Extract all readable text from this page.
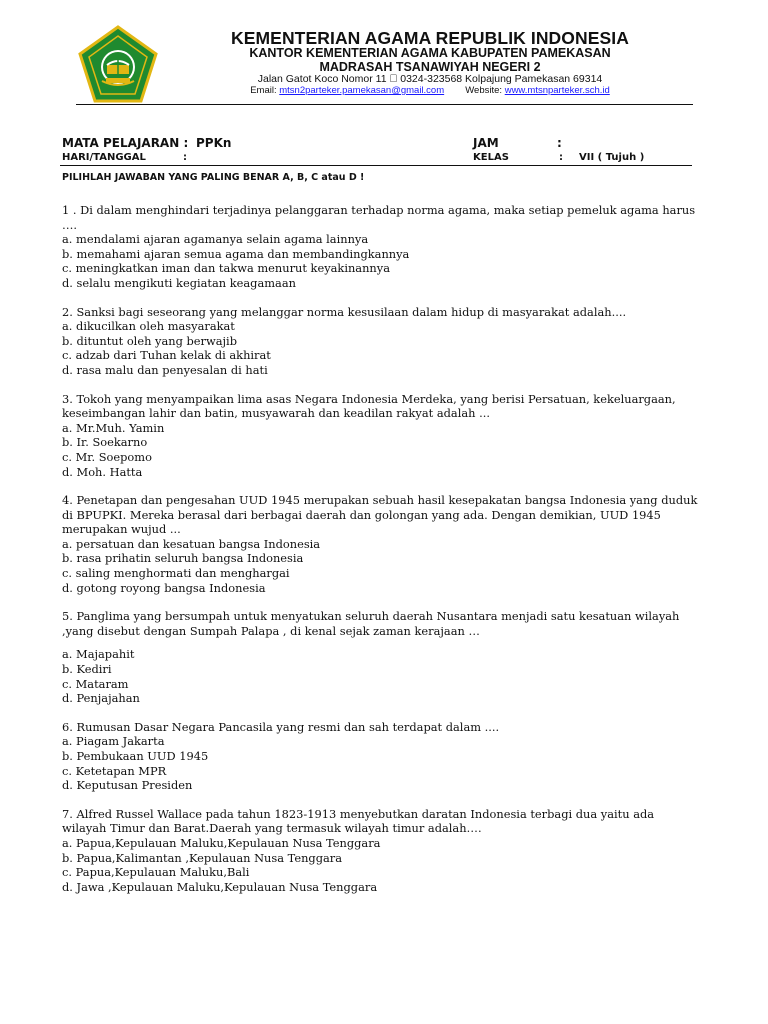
KEMENTERIAN AGAMA REPUBLIK INDONESIA
KANTOR KEMENTERIAN AGAMA KABUPATEN PAMEKASAN
MADRASAH TSANAWIYAH NEGERI 2
Jalan Gatot Koco Nomor 11   0324-323568 Kolpajung Pamekasan 69314
Email: mtsn2parteker.pamekasan@gmail.com Website: www.mtsnparteker.sch.id
MATA PELAJARAN : PPKn	JAM	:
HARI/TANGGAL	:	KELAS	: VII ( Tujuh )
PILIHLAH JAWABAN YANG PALING BENAR A, B, C atau D !

1 . Di dalam menghindari terjadinya pelanggaran terhadap norma agama, maka setiap pemeluk agama harus ….

a. mendalami ajaran agamanya selain agama lainnya

b. memahami ajaran semua agama dan membandingkannya

c. meningkatkan iman dan takwa menurut keyakinannya

d. selalu mengikuti kegiatan keagamaan

2. Sanksi bagi seseorang yang melanggar norma kesusilaan dalam hidup di masyarakat adalah....

a. dikucilkan oleh masyarakat

b. dituntut oleh yang berwajib

c. adzab dari Tuhan kelak di akhirat

d. rasa malu dan penyesalan di hati

3. Tokoh yang menyampaikan lima asas Negara Indonesia Merdeka, yang berisi Persatuan, kekeluargaan, keseimbangan lahir dan batin, musyawarah dan keadilan rakyat adalah ...

a. Mr.Muh. Yamin

b. Ir. Soekarno

c. Mr. Soepomo

d. Moh. Hatta

4. Penetapan dan pengesahan UUD 1945 merupakan sebuah hasil kesepakatan bangsa Indonesia yang duduk di BPUPKI. Mereka berasal dari berbagai daerah dan golongan yang ada. Dengan demikian, UUD 1945 merupakan wujud ...

a. persatuan dan kesatuan bangsa Indonesia

b. rasa prihatin seluruh bangsa Indonesia

c. saling menghormati dan menghargai

d. gotong royong bangsa Indonesia

5. Panglima yang bersumpah untuk menyatukan seluruh daerah Nusantara menjadi satu kesatuan wilayah ,yang disebut dengan Sumpah Palapa , di kenal sejak zaman kerajaan …

a. Majapahit

b. Kediri

c. Mataram

d. Penjajahan

6. Rumusan Dasar Negara Pancasila yang resmi dan sah terdapat dalam ....

a. Piagam Jakarta

b. Pembukaan UUD 1945

c. Ketetapan MPR

d. Keputusan Presiden

7. Alfred Russel Wallace pada tahun 1823-1913 menyebutkan daratan Indonesia terbagi dua yaitu ada wilayah Timur dan Barat.Daerah yang termasuk wilayah timur adalah….

a. Papua,Kepulauan Maluku,Kepulauan Nusa Tenggara

b. Papua,Kalimantan ,Kepulauan Nusa Tenggara

c. Papua,Kepulauan Maluku,Bali

d. Jawa ,Kepulauan Maluku,Kepulauan Nusa Tenggara
